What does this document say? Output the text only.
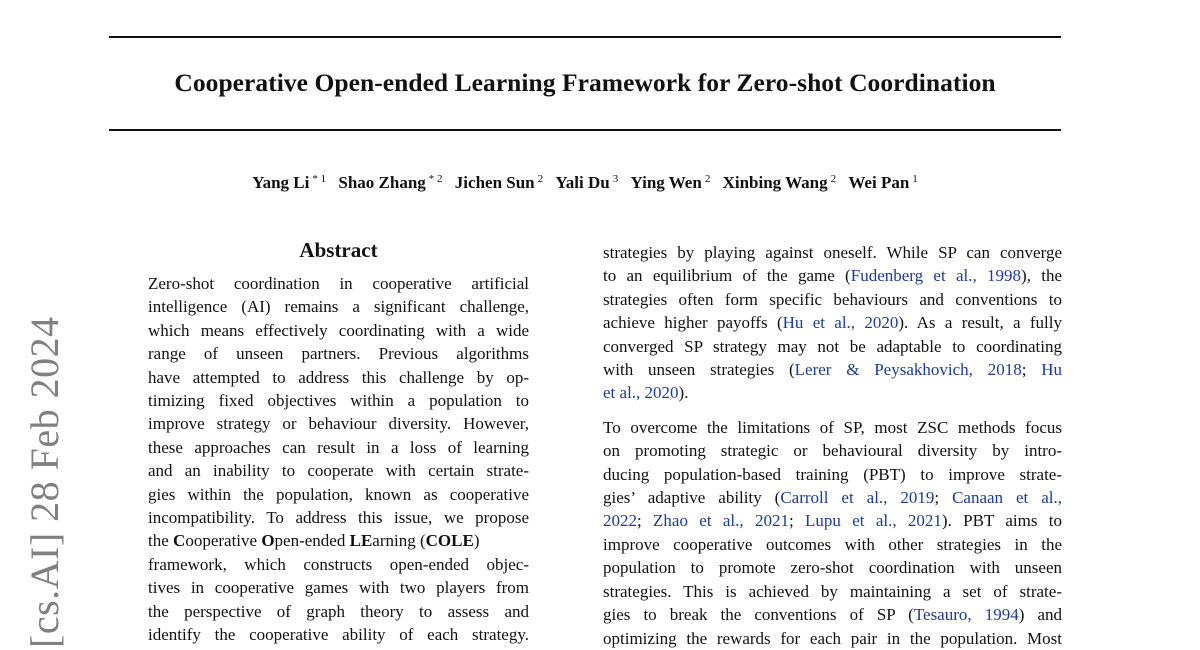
Cooperative Open-ended Learning Framework for Zero-shot Coordination
Yang Li $^{* 1}$ Shao Zhang $^{* 2}$ Jichen Sun $^2$ Yali Du $^3$ Ying Wen $^2$ Xinbing Wang $^2$ Wei Pan $^1$
[cs.AI] 28 Feb 2024
Abstract
Zero-shot coordination in cooperative artificial
intelligence (AI) remains a significant challenge,
which means effectively coordinating with a wide
range of unseen partners. Previous algorithms
have attempted to address this challenge by op-
timizing fixed objectives within a population to
improve strategy or behaviour diversity. However,
these approaches can result in a loss of learning
and an inability to cooperate with certain strate-
gies within the population, known as cooperative
incompatibility. To address this issue, we propose
the Cooperative Open-ended LEarning (COLE)
framework, which constructs open-ended objec-
tives in cooperative games with two players from
the perspective of graph theory to assess and
identify the cooperative ability of each strategy.
strategies by playing against oneself. While SP can converge
to an equilibrium of the game (Fudenberg et al., 1998), the
strategies often form specific behaviours and conventions to
achieve higher payoffs (Hu et al., 2020). As a result, a fully
converged SP strategy may not be adaptable to coordinating
with unseen strategies (Lerer & Peysakhovich, 2018; Hu
et al., 2020).
To overcome the limitations of SP, most ZSC methods focus
on promoting strategic or behavioural diversity by intro-
ducing population-based training (PBT) to improve strate-
gies’ adaptive ability (Carroll et al., 2019; Canaan et al.,
2022; Zhao et al., 2021; Lupu et al., 2021). PBT aims to
improve cooperative outcomes with other strategies in the
population to promote zero-shot coordination with unseen
strategies. This is achieved by maintaining a set of strate-
gies to break the conventions of SP (Tesauro, 1994) and
optimizing the rewards for each pair in the population. Most
